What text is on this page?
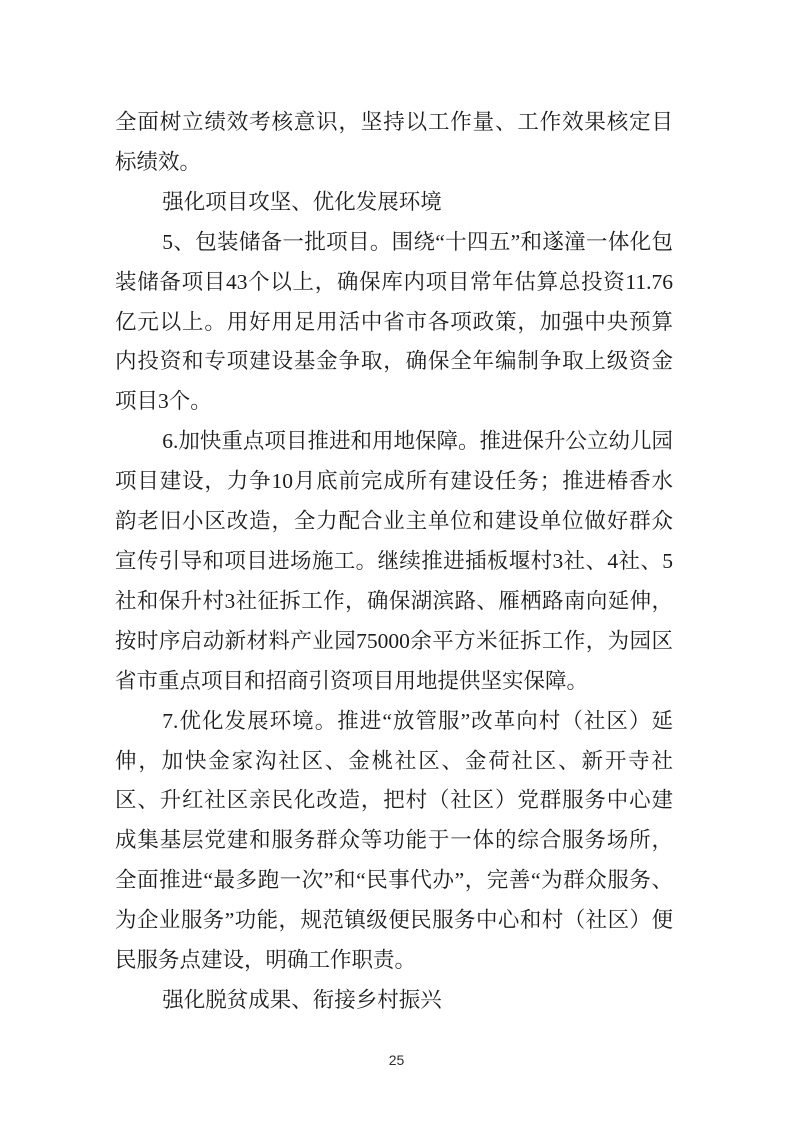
全面树立绩效考核意识，坚持以工作量、工作效果核定目标绩效。

强化项目攻坚、优化发展环境

5、包装储备一批项目。围绕“十四五”和遂潼一体化包装储备项目43个以上，确保库内项目常年估算总投资11.76亿元以上。用好用足用活中省市各项政策，加强中央预算内投资和专项建设基金争取，确保全年编制争取上级资金项目3个。

6.加快重点项目推进和用地保障。推进保升公立幼儿园项目建设，力争10月底前完成所有建设任务；推进椿香水韵老旧小区改造，全力配合业主单位和建设单位做好群众宣传引导和项目进场施工。继续推进插板堰村3社、4社、5社和保升村3社征拆工作，确保湖滨路、雁栖路南向延伸，按时序启动新材料产业园75000余平方米征拆工作，为园区省市重点项目和招商引资项目用地提供坚实保障。

7.优化发展环境。推进“放管服”改革向村（社区）延伸，加快金家沟社区、金桃社区、金荷社区、新开寺社区、升红社区亲民化改造，把村（社区）党群服务中心建成集基层党建和服务群众等功能于一体的综合服务场所，全面推进“最多跑一次”和“民事代办”，完善“为群众服务、为企业服务”功能，规范镇级便民服务中心和村（社区）便民服务点建设，明确工作职责。

强化脱贫成果、衔接乡村振兴

25
